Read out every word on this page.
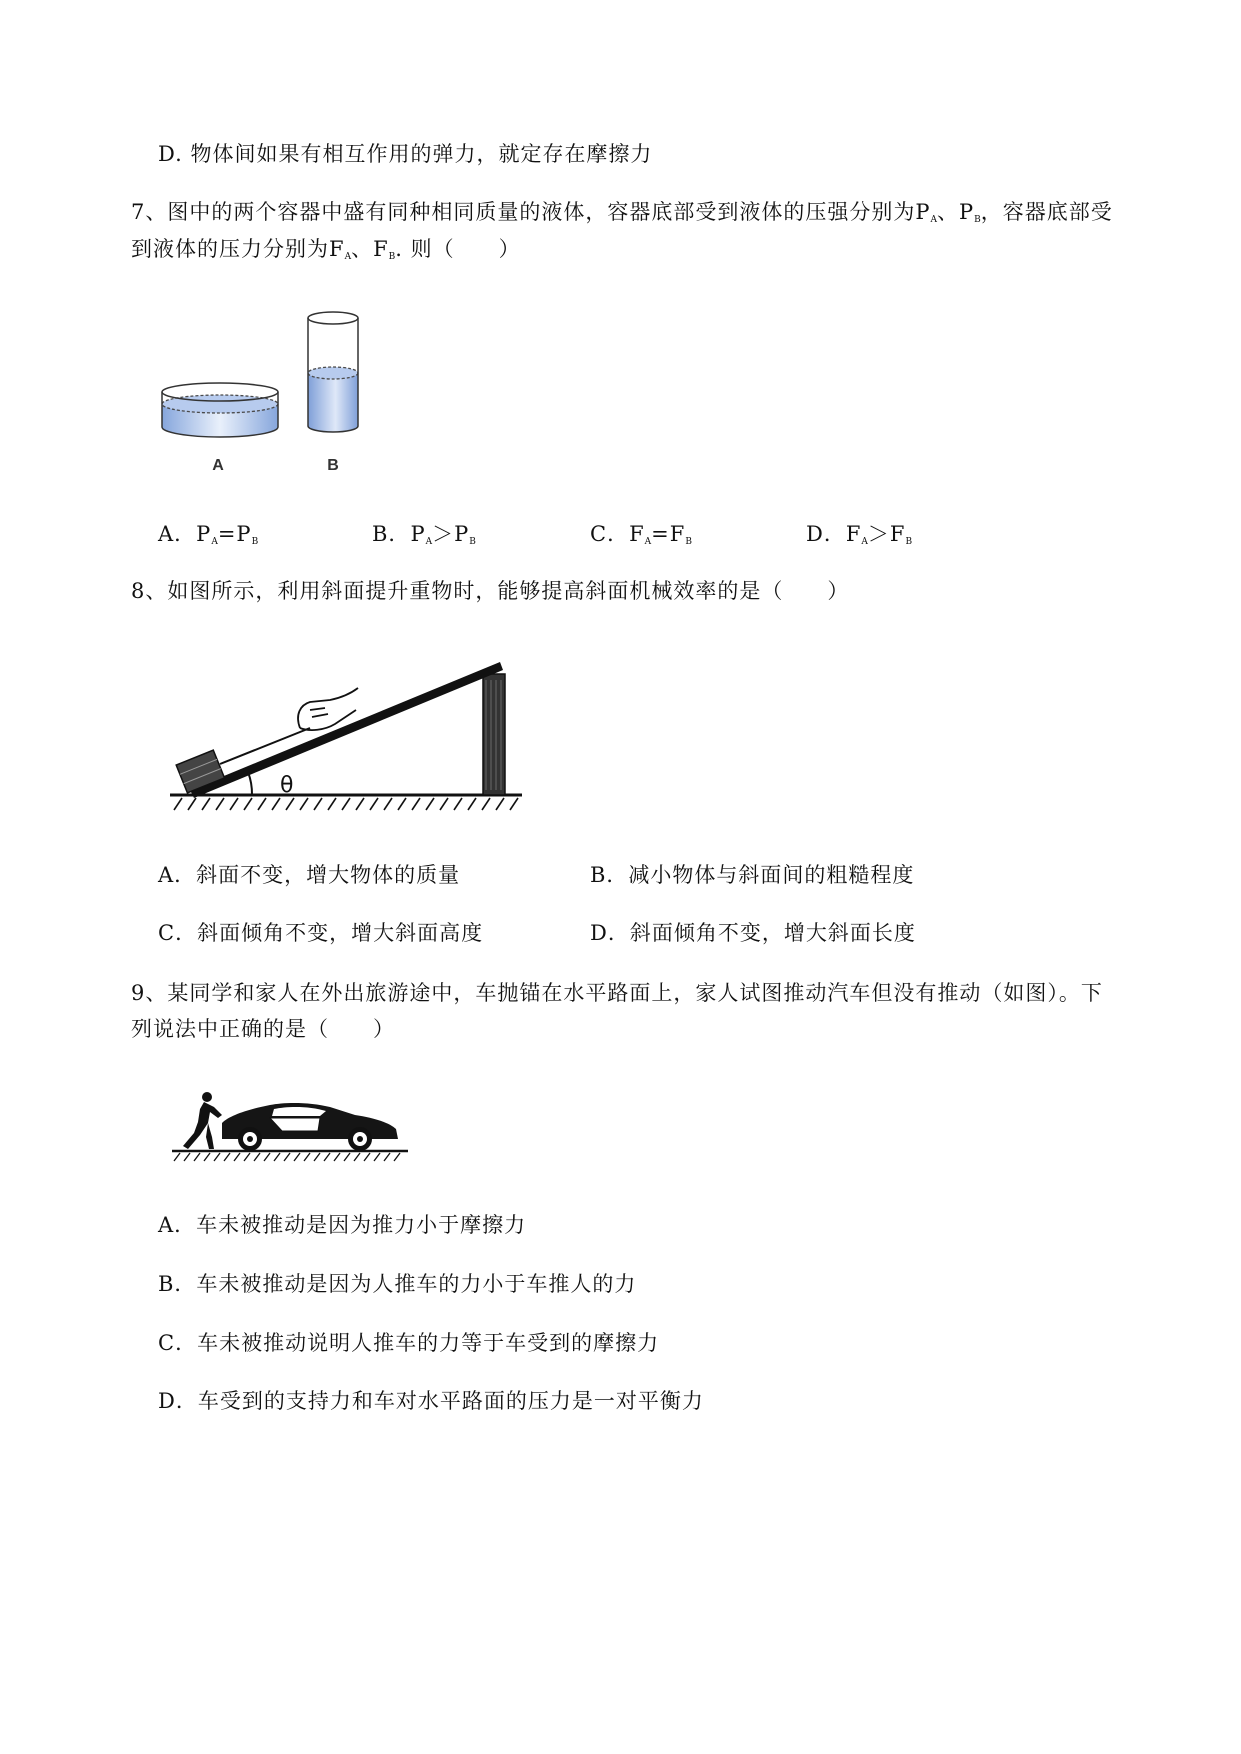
D. 物体间如果有相互作用的弹力，就定存在摩擦力
7、图中的两个容器中盛有同种相同质量的液体，容器底部受到液体的压强分别为$P_A$、$P_B$，容器底部受
到液体的压力分别为$F_A$、$F_B$. 则（　　）
A	B
A．$P_A=P_B$	B．$P_A>P_B$	C．$F_A=F_B$	D．$F_A>F_B$
8、如图所示，利用斜面提升重物时，能够提高斜面机械效率的是（　　）
θ
A．斜面不变，增大物体的质量	B．减小物体与斜面间的粗糙程度
C．斜面倾角不变，增大斜面高度	D．斜面倾角不变，增大斜面长度
9、某同学和家人在外出旅游途中，车抛锚在水平路面上，家人试图推动汽车但没有推动（如图）。下
列说法中正确的是（　　）
A．车未被推动是因为推力小于摩擦力
B．车未被推动是因为人推车的力小于车推人的力
C．车未被推动说明人推车的力等于车受到的摩擦力
D．车受到的支持力和车对水平路面的压力是一对平衡力
